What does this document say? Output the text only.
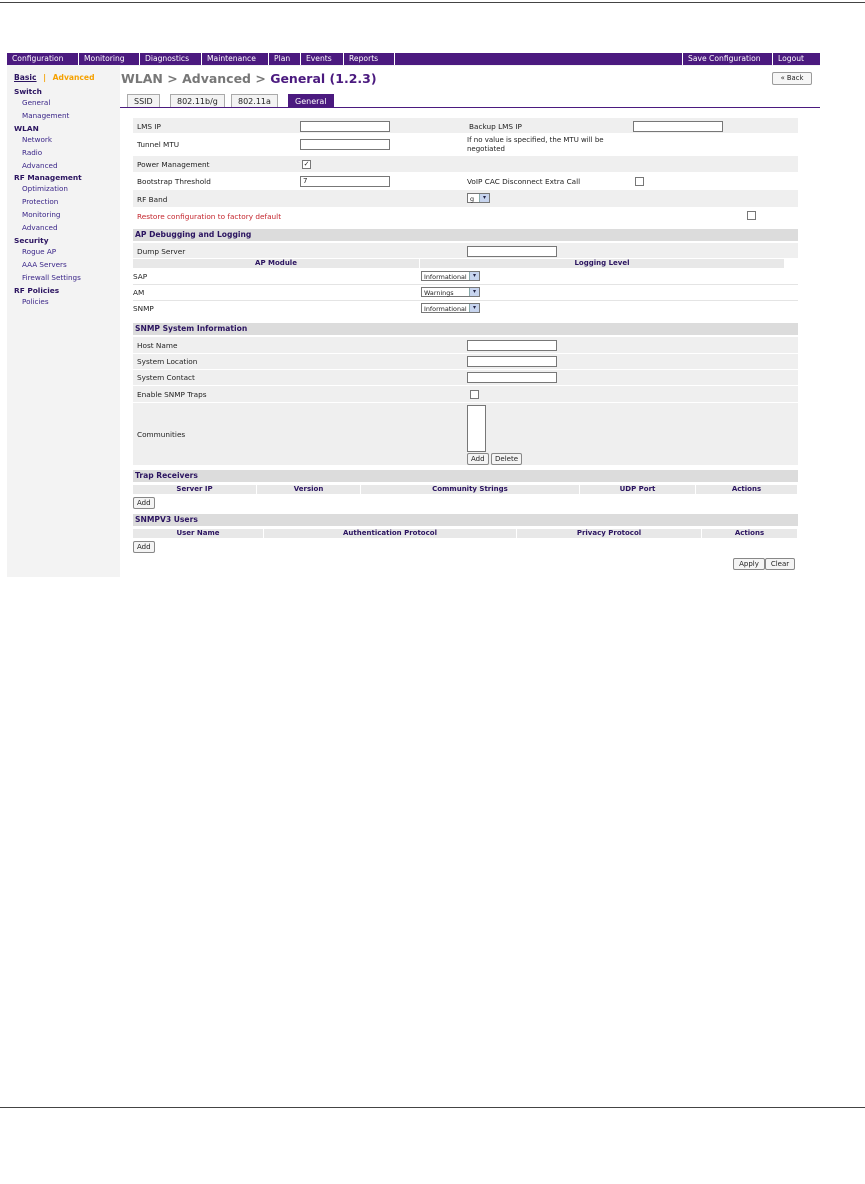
Configuration	Monitoring	Diagnostics	Maintenance	Plan	Events	Reports	Save Configuration	Logout
Basic | Advanced
Switch
General
Management
WLAN
Network
Radio
Advanced
RF Management
Optimization
Protection
Monitoring
Advanced
Security
Rogue AP
AAA Servers
Firewall Settings
RF Policies
Policies
WLAN > Advanced > General (1.2.3)	« Back
SSID	802.11b/g	802.11a	General
LMS IP	Backup LMS IP
Tunnel MTU	If no value is specified, the MTU will be
negotiated
Power Management	✓
Bootstrap Threshold	7	VoIP CAC Disconnect Extra Call
RF Band	g	▾
Restore configuration to factory default
AP Debugging and Logging
Dump Server
AP Module	Logging Level
SAP	Informational	▾
AM	Warnings	▾
SNMP	Informational	▾
SNMP System Information
Host Name
System Location
System Contact
Enable SNMP Traps
Communities
Add	Delete
Trap Receivers
Server IP	Version	Community Strings	UDP Port	Actions
Add
SNMPV3 Users
User Name	Authentication Protocol	Privacy Protocol	Actions
Add
Apply	Clear
